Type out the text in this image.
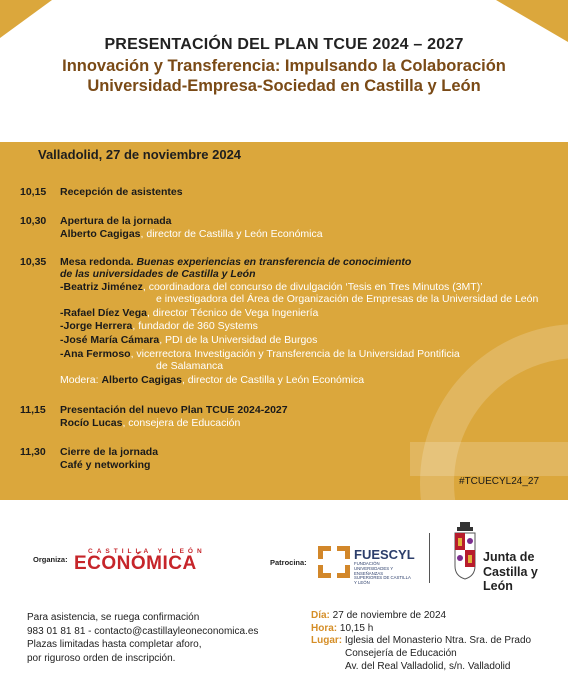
PRESENTACIÓN DEL PLAN TCUE 2024 – 2027
Innovación y Transferencia: Impulsando la Colaboración
Universidad-Empresa-Sociedad en Castilla y León
t·cue
TRANSFERENCIA DE CONOCIMIENTO
Universidad
Empresa
Valladolid, 27 de noviembre 2024
10,15 Recepción de asistentes
10,30 Apertura de la jornada
Alberto Cagigas, director de Castilla y León Económica
10,35 Mesa redonda. Buenas experiencias en transferencia de conocimiento
de las universidades de Castilla y León
-Beatriz Jiménez, coordinadora del concurso de divulgación ‘Tesis en Tres Minutos (3MT)’
e investigadora del Área de Organización de Empresas de la Universidad de León
-Rafael Díez Vega, director Técnico de Vega Ingeniería
-Jorge Herrera, fundador de 360 Systems
-José María Cámara, PDI de la Universidad de Burgos
-Ana Fermoso, vicerrectora Investigación y Transferencia de la Universidad Pontificia
de Salamanca
Modera: Alberto Cagigas, director de Castilla y León Económica
11,15 Presentación del nuevo Plan TCUE 2024-2027
Rocío Lucas, consejera de Educación
11,30 Cierre de la jornada
Café y networking
#TCUECYL24_27
Organiza:
CASTILLA Y LEÓN
ECONÓMICA	Patrocina:
FUESCYL
FUNDACIÓN UNIVERSIDADES Y ENSEÑANZAS SUPERIORES DE CASTILLA Y LEÓN
Junta de
Castilla y León
Para asistencia, se ruega confirmación
983 01 81 81 - contacto@castillayleoneconomica.es
Plazas limitadas hasta completar aforo,
por riguroso orden de inscripción.
Día: 27 de noviembre de 2024
Hora: 10,15 h
Lugar: Iglesia del Monasterio Ntra. Sra. de Prado
Consejería de Educación
Av. del Real Valladolid, s/n. Valladolid
